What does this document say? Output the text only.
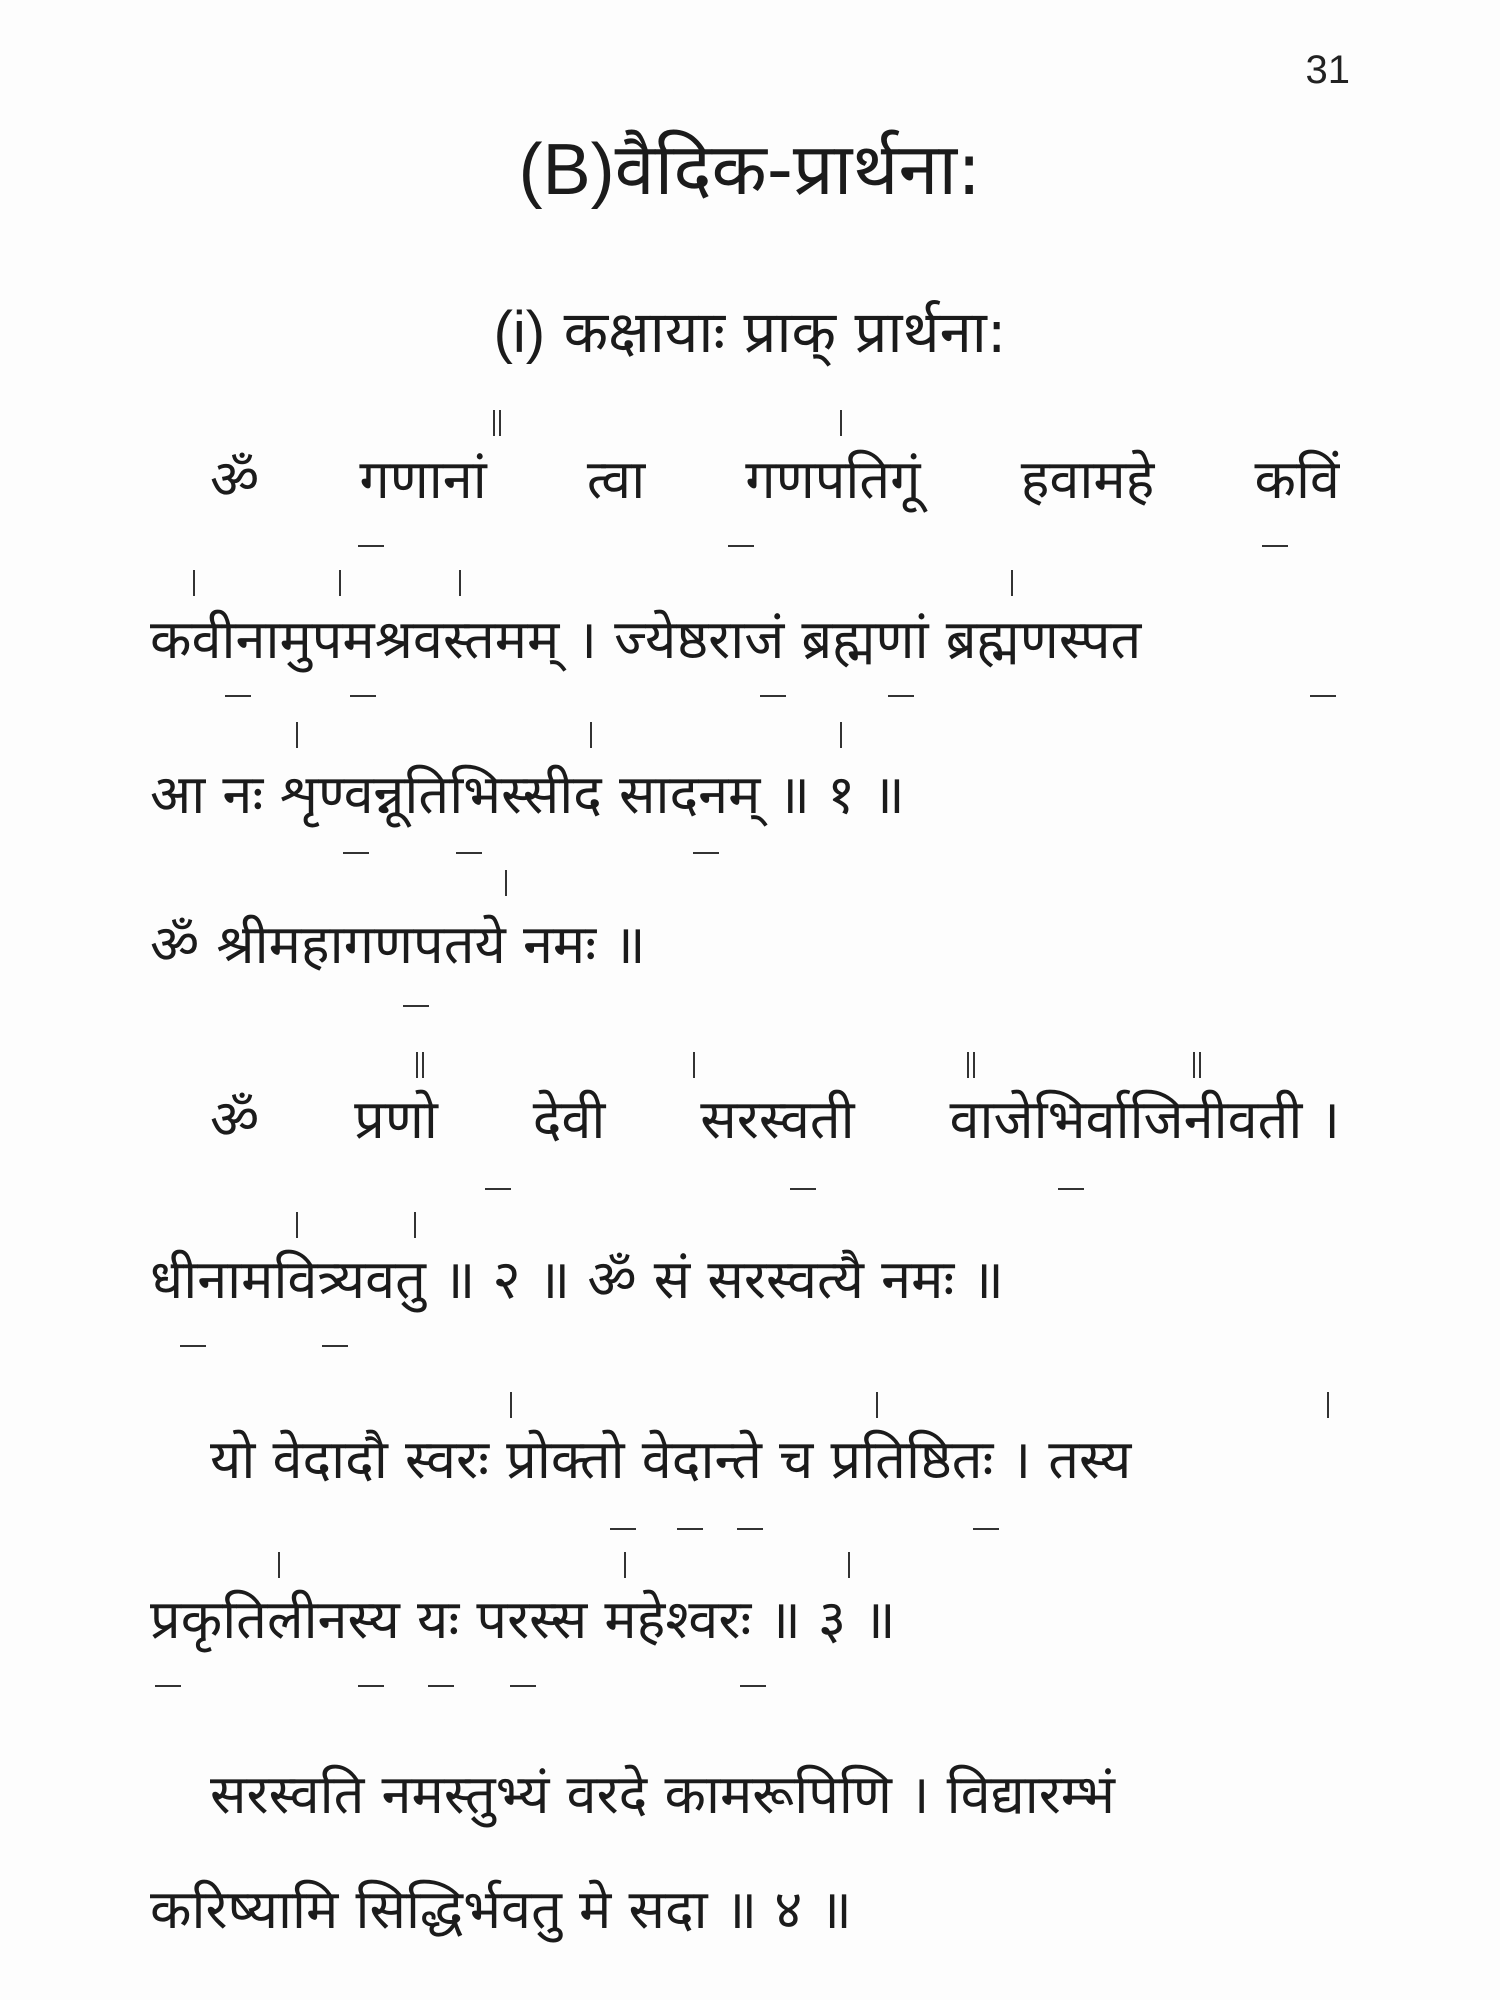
31
(B)वैदिक-प्रार्थना:
(i) कक्षायाः प्राक् प्रार्थना:
ॐ गणानां त्वा गणपतिगूं हवामहे कविं
कवीनामुपमश्रवस्तमम् । ज्येष्ठराजं ब्रह्मणां ब्रह्मणस्पत
आ नः शृण्वन्नूतिभिस्सीद सादनम् ॥ १ ॥
ॐ श्रीमहागणपतये नमः ॥
ॐ प्रणो देवी सरस्वती वाजेभिर्वाजिनीवती ।
धीनामवित्र्यवतु ॥ २ ॥ ॐ सं सरस्वत्यै नमः ॥
यो वेदादौ स्वरः प्रोक्तो वेदान्ते च प्रतिष्ठितः । तस्य
प्रकृतिलीनस्य यः परस्स महेश्वरः ॥ ३ ॥
सरस्वति नमस्तुभ्यं वरदे कामरूपिणि । विद्यारम्भं
करिष्यामि सिद्धिर्भवतु मे सदा ॥ ४ ॥
